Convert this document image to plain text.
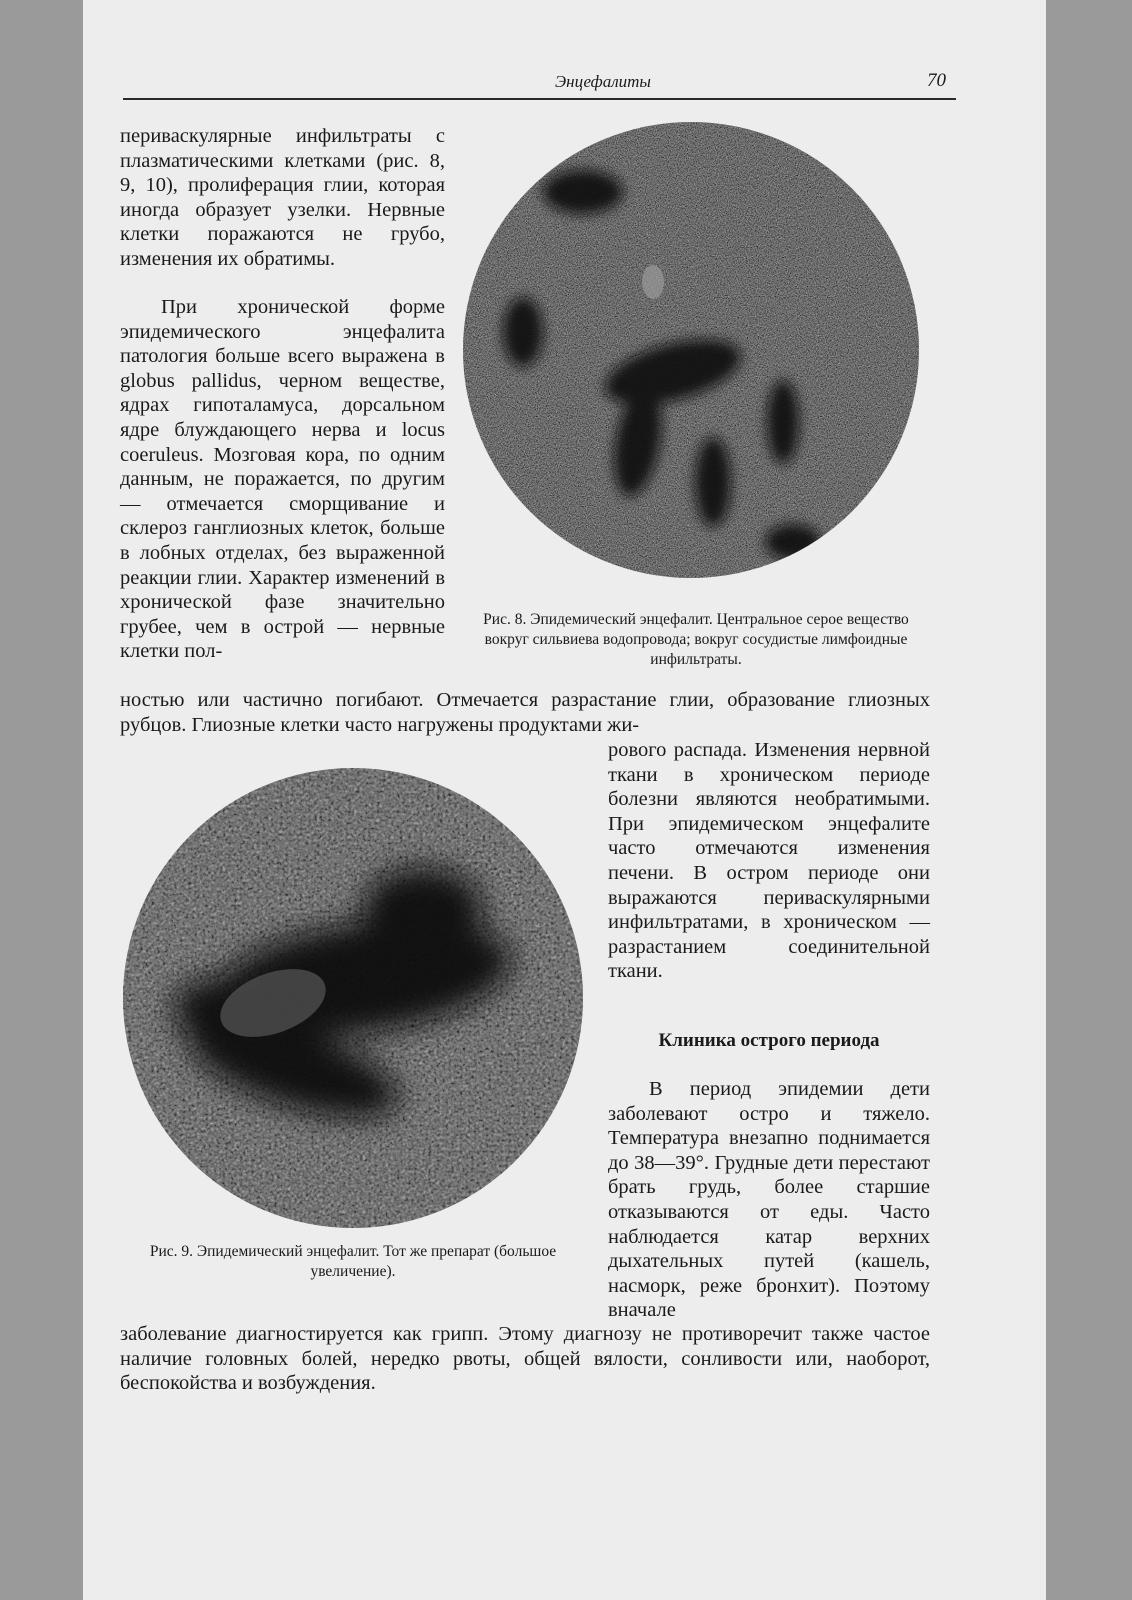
Энцефалиты	70

периваскулярные инфильтраты с плазматическими клетками (рис. 8, 9, 10), пролиферация глии, которая иногда образует узелки. Нервные клетки поражаются не грубо, изменения их обратимы.

При хронической форме эпидемического энцефалита патология больше всего выражена в globus pallidus, черном веществе, ядрах гипоталамуса, дорсальном ядре блуждающего нерва и locus coeruleus. Мозговая кора, по одним данным, не поражается, по другим — отмечается сморщивание и склероз ганглиозных клеток, больше в лобных отделах, без выраженной реакции глии. Характер изменений в хронической фазе значительно грубее, чем в острой — нервные клетки пол-

Рис. 8. Эпидемический энцефалит. Центральное серое вещество вокруг сильвиева водопровода; вокруг сосудистые лимфоидные инфильтраты.

ностью или частично погибают. Отмечается разрастание глии, образование глиозных рубцов. Глиозные клетки часто нагружены продуктами жи-

Рис. 9. Эпидемический энцефалит. Тот же препарат (большое увеличение).

рового распада. Изменения нервной ткани в хроническом периоде болезни являются необратимыми. При эпидемическом энцефалите часто отмечаются изменения печени. В остром периоде они выражаются периваскулярными инфильтратами, в хроническом — разрастанием соединительной ткани.

Клиника острого периода

В период эпидемии дети заболевают остро и тяжело. Температура внезапно поднимается до 38—39°. Грудные дети перестают брать грудь, более старшие отказываются от еды. Часто наблюдается катар верхних дыхательных путей (кашель, насморк, реже бронхит). Поэтому вначале

заболевание диагностируется как грипп. Этому диагнозу не противоречит также частое наличие головных болей, нередко рвоты, общей вялости, сонливости или, наоборот, беспокойства и возбуждения.
